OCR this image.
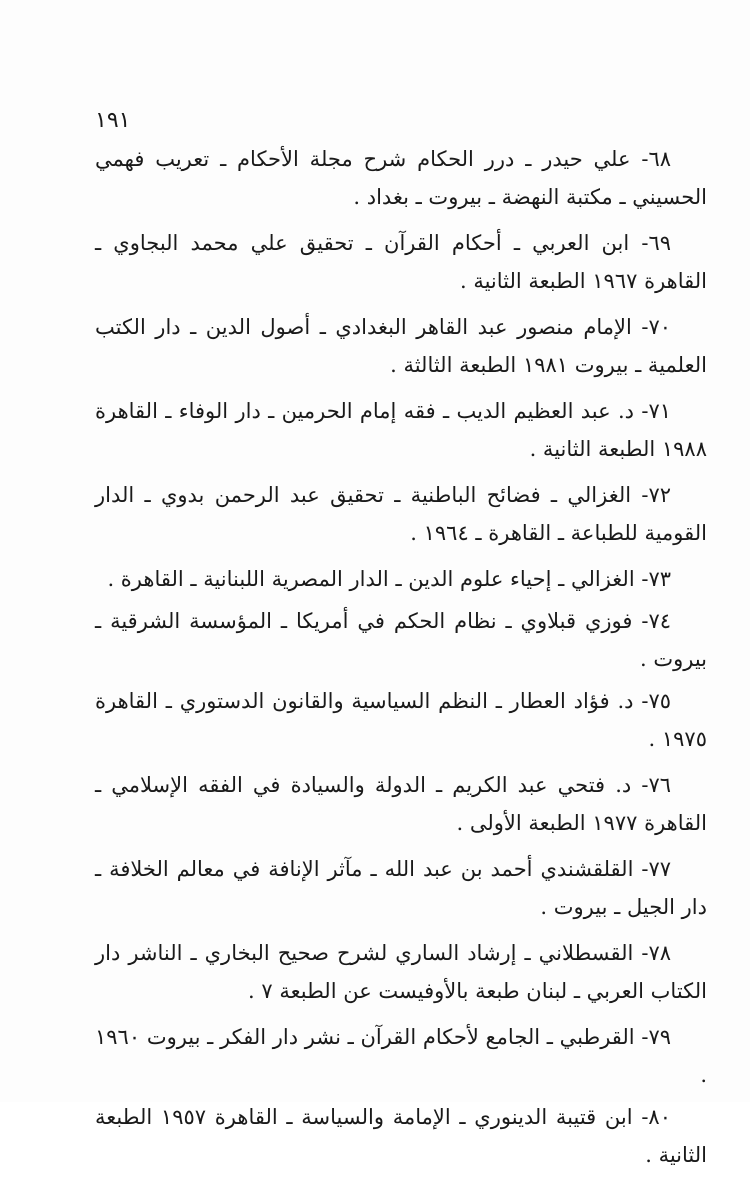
١٩١
٦٨- علي حيدر ـ درر الحكام شرح مجلة الأحكام ـ تعريب فهمي الحسيني ـ مكتبة النهضة ـ بيروت ـ بغداد .
٦٩- ابن العربي ـ أحكام القرآن ـ تحقيق علي محمد البجاوي ـ القاهرة ١٩٦٧ الطبعة الثانية .
٧٠- الإمام منصور عبد القاهر البغدادي ـ أصول الدين ـ دار الكتب العلمية ـ بيروت ١٩٨١ الطبعة الثالثة .
٧١- د. عبد العظيم الديب ـ فقه إمام الحرمين ـ دار الوفاء ـ القاهرة ١٩٨٨ الطبعة الثانية .
٧٢- الغزالي ـ فضائح الباطنية ـ تحقيق عبد الرحمن بدوي ـ الدار القومية للطباعة ـ القاهرة ـ ١٩٦٤ .
٧٣- الغزالي ـ إحياء علوم الدين ـ الدار المصرية اللبنانية ـ القاهرة .
٧٤- فوزي قبلاوي ـ نظام الحكم في أمريكا ـ المؤسسة الشرقية ـ بيروت .
٧٥- د. فؤاد العطار ـ النظم السياسية والقانون الدستوري ـ القاهرة ١٩٧٥ .
٧٦- د. فتحي عبد الكريم ـ الدولة والسيادة في الفقه الإسلامي ـ القاهرة ١٩٧٧ الطبعة الأولى .
٧٧- القلقشندي أحمد بن عبد الله ـ مآثر الإنافة في معالم الخلافة ـ دار الجيل ـ بيروت .
٧٨- القسطلاني ـ إرشاد الساري لشرح صحيح البخاري ـ الناشر دار الكتاب العربي ـ لبنان طبعة بالأوفيست عن الطبعة ٧ .
٧٩- القرطبي ـ الجامع لأحكام القرآن ـ نشر دار الفكر ـ بيروت ١٩٦٠ .
٨٠- ابن قتيبة الدينوري ـ الإمامة والسياسة ـ القاهرة ١٩٥٧ الطبعة الثانية .
